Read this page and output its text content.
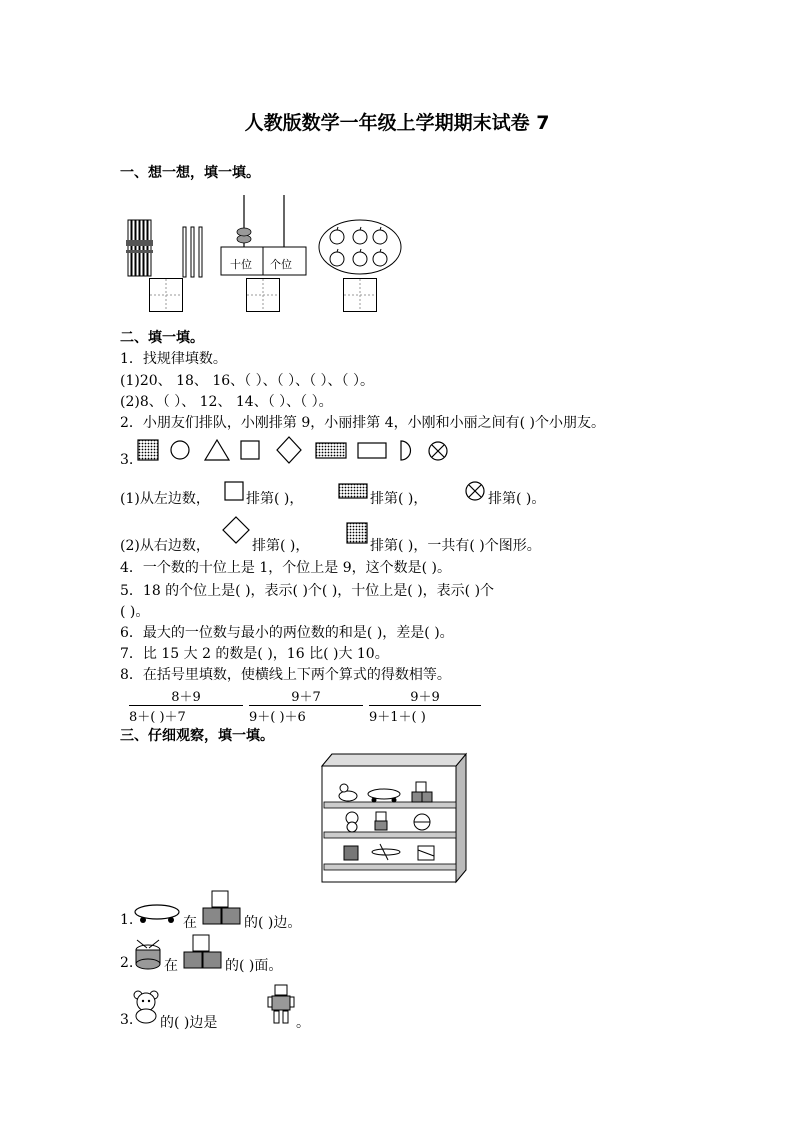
人教版数学一年级上学期期末试卷 7
一、想一想，填一填。
十位 个位
二、填一填。
1．找规律填数。
(1)20、 18、 16、（ ）、（ ）、（ ）、（ ）。
(2)8、（ ）、 12、 14、（ ）、（ ）。
2．小朋友们排队，小刚排第 9，小丽排第 4，小刚和小丽之间有( )个小朋友。
3.
(1)从左边数，	排第( )，	排第( )，	排第( )。
(2)从右边数，	排第( )，	排第( )，一共有( )个图形。
4．一个数的十位上是 1，个位上是 9，这个数是( )。
5．18 的个位上是( )，表示( )个( )，十位上是( )，表示( )个
( )。
6．最大的一位数与最小的两位数的和是( )，差是( )。
7．比 15 大 2 的数是( )，16 比( )大 10。
8．在括号里填数，使横线上下两个算式的得数相等。
8＋9
8＋( )＋7
9＋7
9＋( )＋6
9＋9
9＋1＋( )
三、仔细观察，填一填。
1.	在	的( )边。
2. 在	的( )面。
3. 的( )边是	。
